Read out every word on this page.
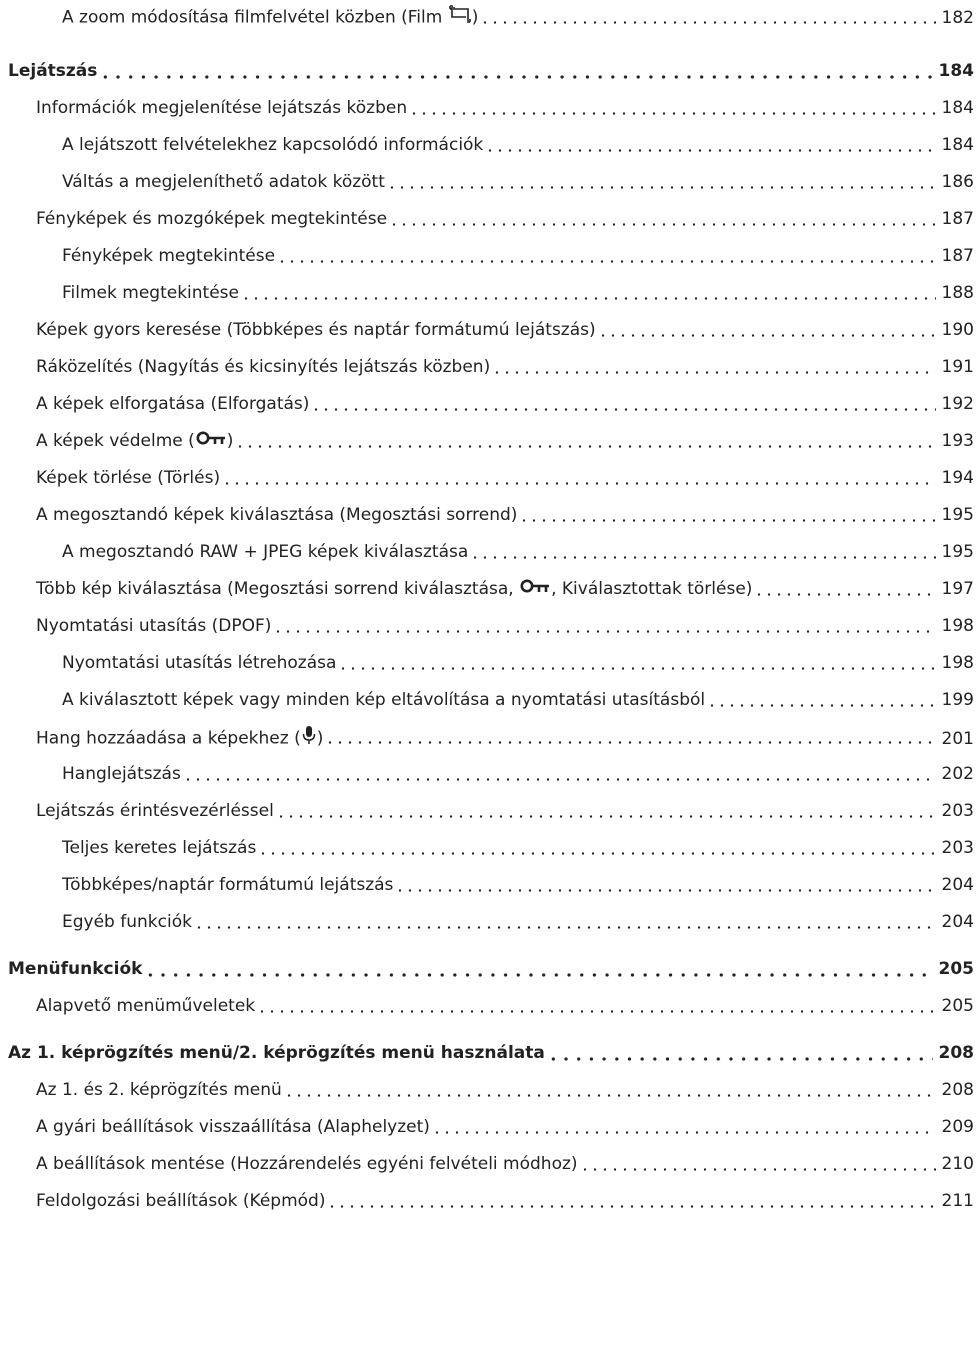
A zoom módosítása filmfelvétel közben (Film )	182
Lejátszás	184
Információk megjelenítése lejátszás közben	184
A lejátszott felvételekhez kapcsolódó információk	184
Váltás a megjeleníthető adatok között	186
Fényképek és mozgóképek megtekintése	187
Fényképek megtekintése	187
Filmek megtekintése	188
Képek gyors keresése (Többképes és naptár formátumú lejátszás)	190
Ráközelítés (Nagyítás és kicsinyítés lejátszás közben)	191
A képek elforgatása (Elforgatás)	192
A képek védelme ( )	193
Képek törlése (Törlés)	194
A megosztandó képek kiválasztása (Megosztási sorrend)	195
A megosztandó RAW + JPEG képek kiválasztása	195
Több kép kiválasztása (Megosztási sorrend kiválasztása, , Kiválasztottak törlése)	197
Nyomtatási utasítás (DPOF)	198
Nyomtatási utasítás létrehozása	198
A kiválasztott képek vagy minden kép eltávolítása a nyomtatási utasításból	199
Hang hozzáadása a képekhez ( )	201
Hanglejátszás	202
Lejátszás érintésvezérléssel	203
Teljes keretes lejátszás	203
Többképes/naptár formátumú lejátszás	204
Egyéb funkciók	204
Menüfunkciók	205
Alapvető menüműveletek	205
Az 1. képrögzítés menü/2. képrögzítés menü használata	208
Az 1. és 2. képrögzítés menü	208
A gyári beállítások visszaállítása (Alaphelyzet)	209
A beállítások mentése (Hozzárendelés egyéni felvételi módhoz)	210
Feldolgozási beállítások (Képmód)	211
